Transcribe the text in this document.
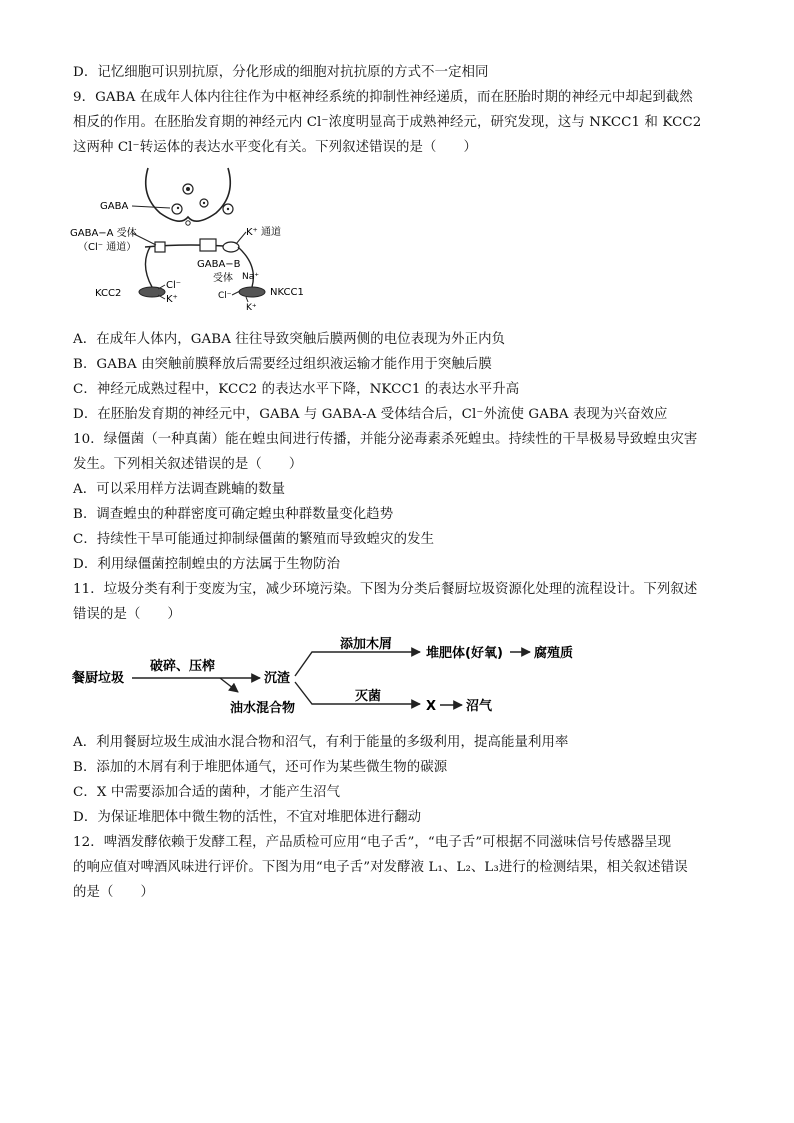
D．记忆细胞可识别抗原，分化形成的细胞对抗抗原的方式不一定相同
9．GABA 在成年人体内往往作为中枢神经系统的抑制性神经递质，而在胚胎时期的神经元中却起到截然
相反的作用。在胚胎发育期的神经元内 Cl⁻浓度明显高于成熟神经元，研究发现，这与 NKCC1 和 KCC2
这两种 Cl⁻转运体的表达水平变化有关。下列叙述错误的是（　　）
GABA
GABA−A 受体
（Cl⁻ 通道）
K⁺ 通道
GABA−B
受体
KCC2
Cl⁻
K⁺
NKCC1
Na⁺
Cl⁻
K⁺
A．在成年人体内，GABA 往往导致突触后膜两侧的电位表现为外正内负
B．GABA 由突触前膜释放后需要经过组织液运输才能作用于突触后膜
C．神经元成熟过程中，KCC2 的表达水平下降，NKCC1 的表达水平升高
D．在胚胎发育期的神经元中，GABA 与 GABA-A 受体结合后，Cl⁻外流使 GABA 表现为兴奋效应
10．绿僵菌（一种真菌）能在蝗虫间进行传播，并能分泌毒素杀死蝗虫。持续性的干旱极易导致蝗虫灾害
发生。下列相关叙述错误的是（　　）
A．可以采用样方法调查跳蝻的数量
B．调查蝗虫的种群密度可确定蝗虫种群数量变化趋势
C．持续性干旱可能通过抑制绿僵菌的繁殖而导致蝗灾的发生
D．利用绿僵菌控制蝗虫的方法属于生物防治
11．垃圾分类有利于变废为宝，减少环境污染。下图为分类后餐厨垃圾资源化处理的流程设计。下列叙述
错误的是（　　）
餐厨垃圾
破碎、压榨
油水混合物
沉渣
添加木屑
灭菌
堆肥体(好氧) 腐殖质
X 沼气
A．利用餐厨垃圾生成油水混合物和沼气，有利于能量的多级利用，提高能量利用率
B．添加的木屑有利于堆肥体通气，还可作为某些微生物的碳源
C．X 中需要添加合适的菌种，才能产生沼气
D．为保证堆肥体中微生物的活性，不宜对堆肥体进行翻动
12．啤酒发酵依赖于发酵工程，产品质检可应用“电子舌”，“电子舌”可根据不同滋味信号传感器呈现
的响应值对啤酒风味进行评价。下图为用“电子舌”对发酵液 L₁、L₂、L₃进行的检测结果，相关叙述错误
的是（　　）
